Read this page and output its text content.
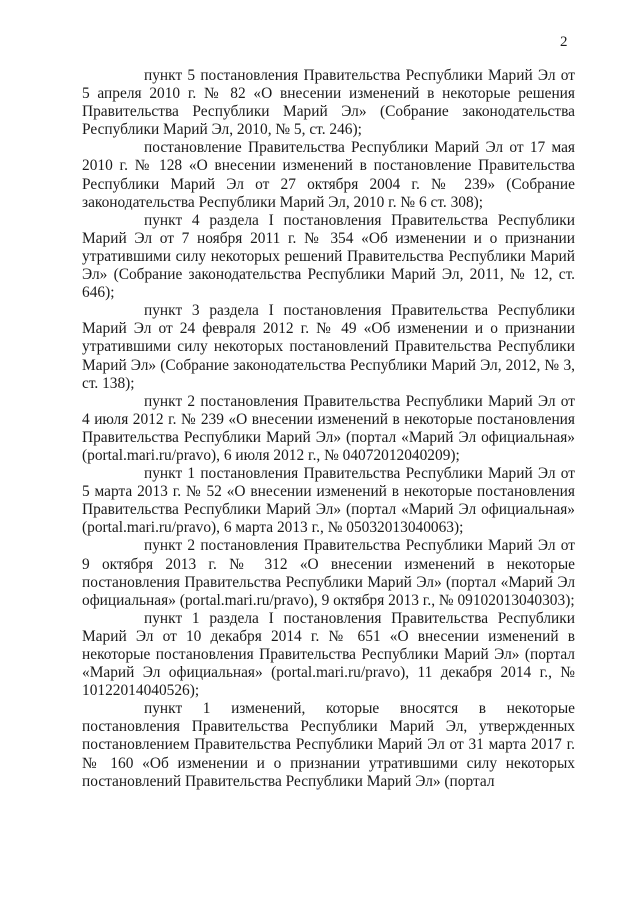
2

пункт 5 постановления Правительства Республики Марий Эл от 5 апреля 2010 г. № 82 «О внесении изменений в некоторые решения Правительства Республики Марий Эл» (Собрание законодательства Республики Марий Эл, 2010, № 5, ст. 246);

постановление Правительства Республики Марий Эл от 17 мая 2010 г. № 128 «О внесении изменений в постановление Правительства Республики Марий Эл от 27 октября 2004 г. № 239» (Собрание законодательства Республики Марий Эл, 2010 г. № 6 ст. 308);

пункт 4 раздела I постановления Правительства Республики Марий Эл от 7 ноября 2011 г. № 354 «Об изменении и о признании утратившими силу некоторых решений Правительства Республики Марий Эл» (Собрание законодательства Республики Марий Эл, 2011, № 12, ст. 646);

пункт 3 раздела I постановления Правительства Республики Марий Эл от 24 февраля 2012 г. № 49 «Об изменении и о признании утратившими силу некоторых постановлений Правительства Республики Марий Эл» (Собрание законодательства Республики Марий Эл, 2012, № 3, ст. 138);

пункт 2 постановления Правительства Республики Марий Эл от 4 июля 2012 г. № 239 «О внесении изменений в некоторые постановления Правительства Республики Марий Эл» (портал «Марий Эл официальная» (portal.mari.ru/pravo), 6 июля 2012 г., № 04072012040209);

пункт 1 постановления Правительства Республики Марий Эл от 5 марта 2013 г. № 52 «О внесении изменений в некоторые постановления Правительства Республики Марий Эл» (портал «Марий Эл официальная» (portal.mari.ru/pravo), 6 марта 2013 г., № 05032013040063);

пункт 2 постановления Правительства Республики Марий Эл от 9 октября 2013 г. № 312 «О внесении изменений в некоторые постановления Правительства Республики Марий Эл» (портал «Марий Эл официальная» (portal.mari.ru/pravo), 9 октября 2013 г., № 09102013040303);

пункт 1 раздела I постановления Правительства Республики Марий Эл от 10 декабря 2014 г. № 651 «О внесении изменений в некоторые постановления Правительства Республики Марий Эл» (портал «Марий Эл официальная» (portal.mari.ru/pravo), 11 декабря 2014 г., № 10122014040526);

пункт 1 изменений, которые вносятся в некоторые постановления Правительства Республики Марий Эл, утвержденных постановлением Правительства Республики Марий Эл от 31 марта 2017 г. № 160 «Об изменении и о признании утратившими силу некоторых постановлений Правительства Республики Марий Эл» (портал
